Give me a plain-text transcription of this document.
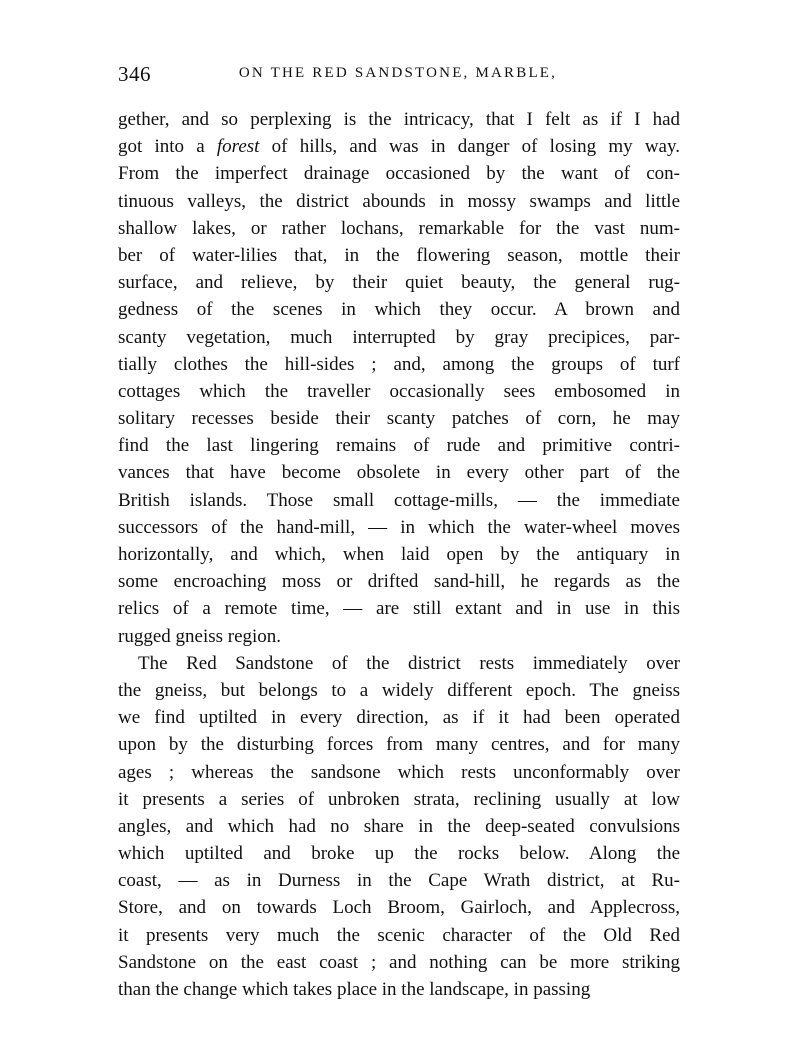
346	ON THE RED SANDSTONE, MARBLE,
gether, and so perplexing is the intricacy, that I felt as if I had
got into a forest of hills, and was in danger of losing my way.
From the imperfect drainage occasioned by the want of con-
tinuous valleys, the district abounds in mossy swamps and little
shallow lakes, or rather lochans, remarkable for the vast num-
ber of water-lilies that, in the flowering season, mottle their
surface, and relieve, by their quiet beauty, the general rug-
gedness of the scenes in which they occur. A brown and
scanty vegetation, much interrupted by gray precipices, par-
tially clothes the hill-sides ; and, among the groups of turf
cottages which the traveller occasionally sees embosomed in
solitary recesses beside their scanty patches of corn, he may
find the last lingering remains of rude and primitive contri-
vances that have become obsolete in every other part of the
British islands. Those small cottage-mills, — the immediate
successors of the hand-mill, — in which the water-wheel moves
horizontally, and which, when laid open by the antiquary in
some encroaching moss or drifted sand-hill, he regards as the
relics of a remote time, — are still extant and in use in this
rugged gneiss region.
The Red Sandstone of the district rests immediately over
the gneiss, but belongs to a widely different epoch. The gneiss
we find uptilted in every direction, as if it had been operated
upon by the disturbing forces from many centres, and for many
ages ; whereas the sandsone which rests unconformably over
it presents a series of unbroken strata, reclining usually at low
angles, and which had no share in the deep-seated convulsions
which uptilted and broke up the rocks below. Along the
coast, — as in Durness in the Cape Wrath district, at Ru-
Store, and on towards Loch Broom, Gairloch, and Applecross,
it presents very much the scenic character of the Old Red
Sandstone on the east coast ; and nothing can be more striking
than the change which takes place in the landscape, in passing
